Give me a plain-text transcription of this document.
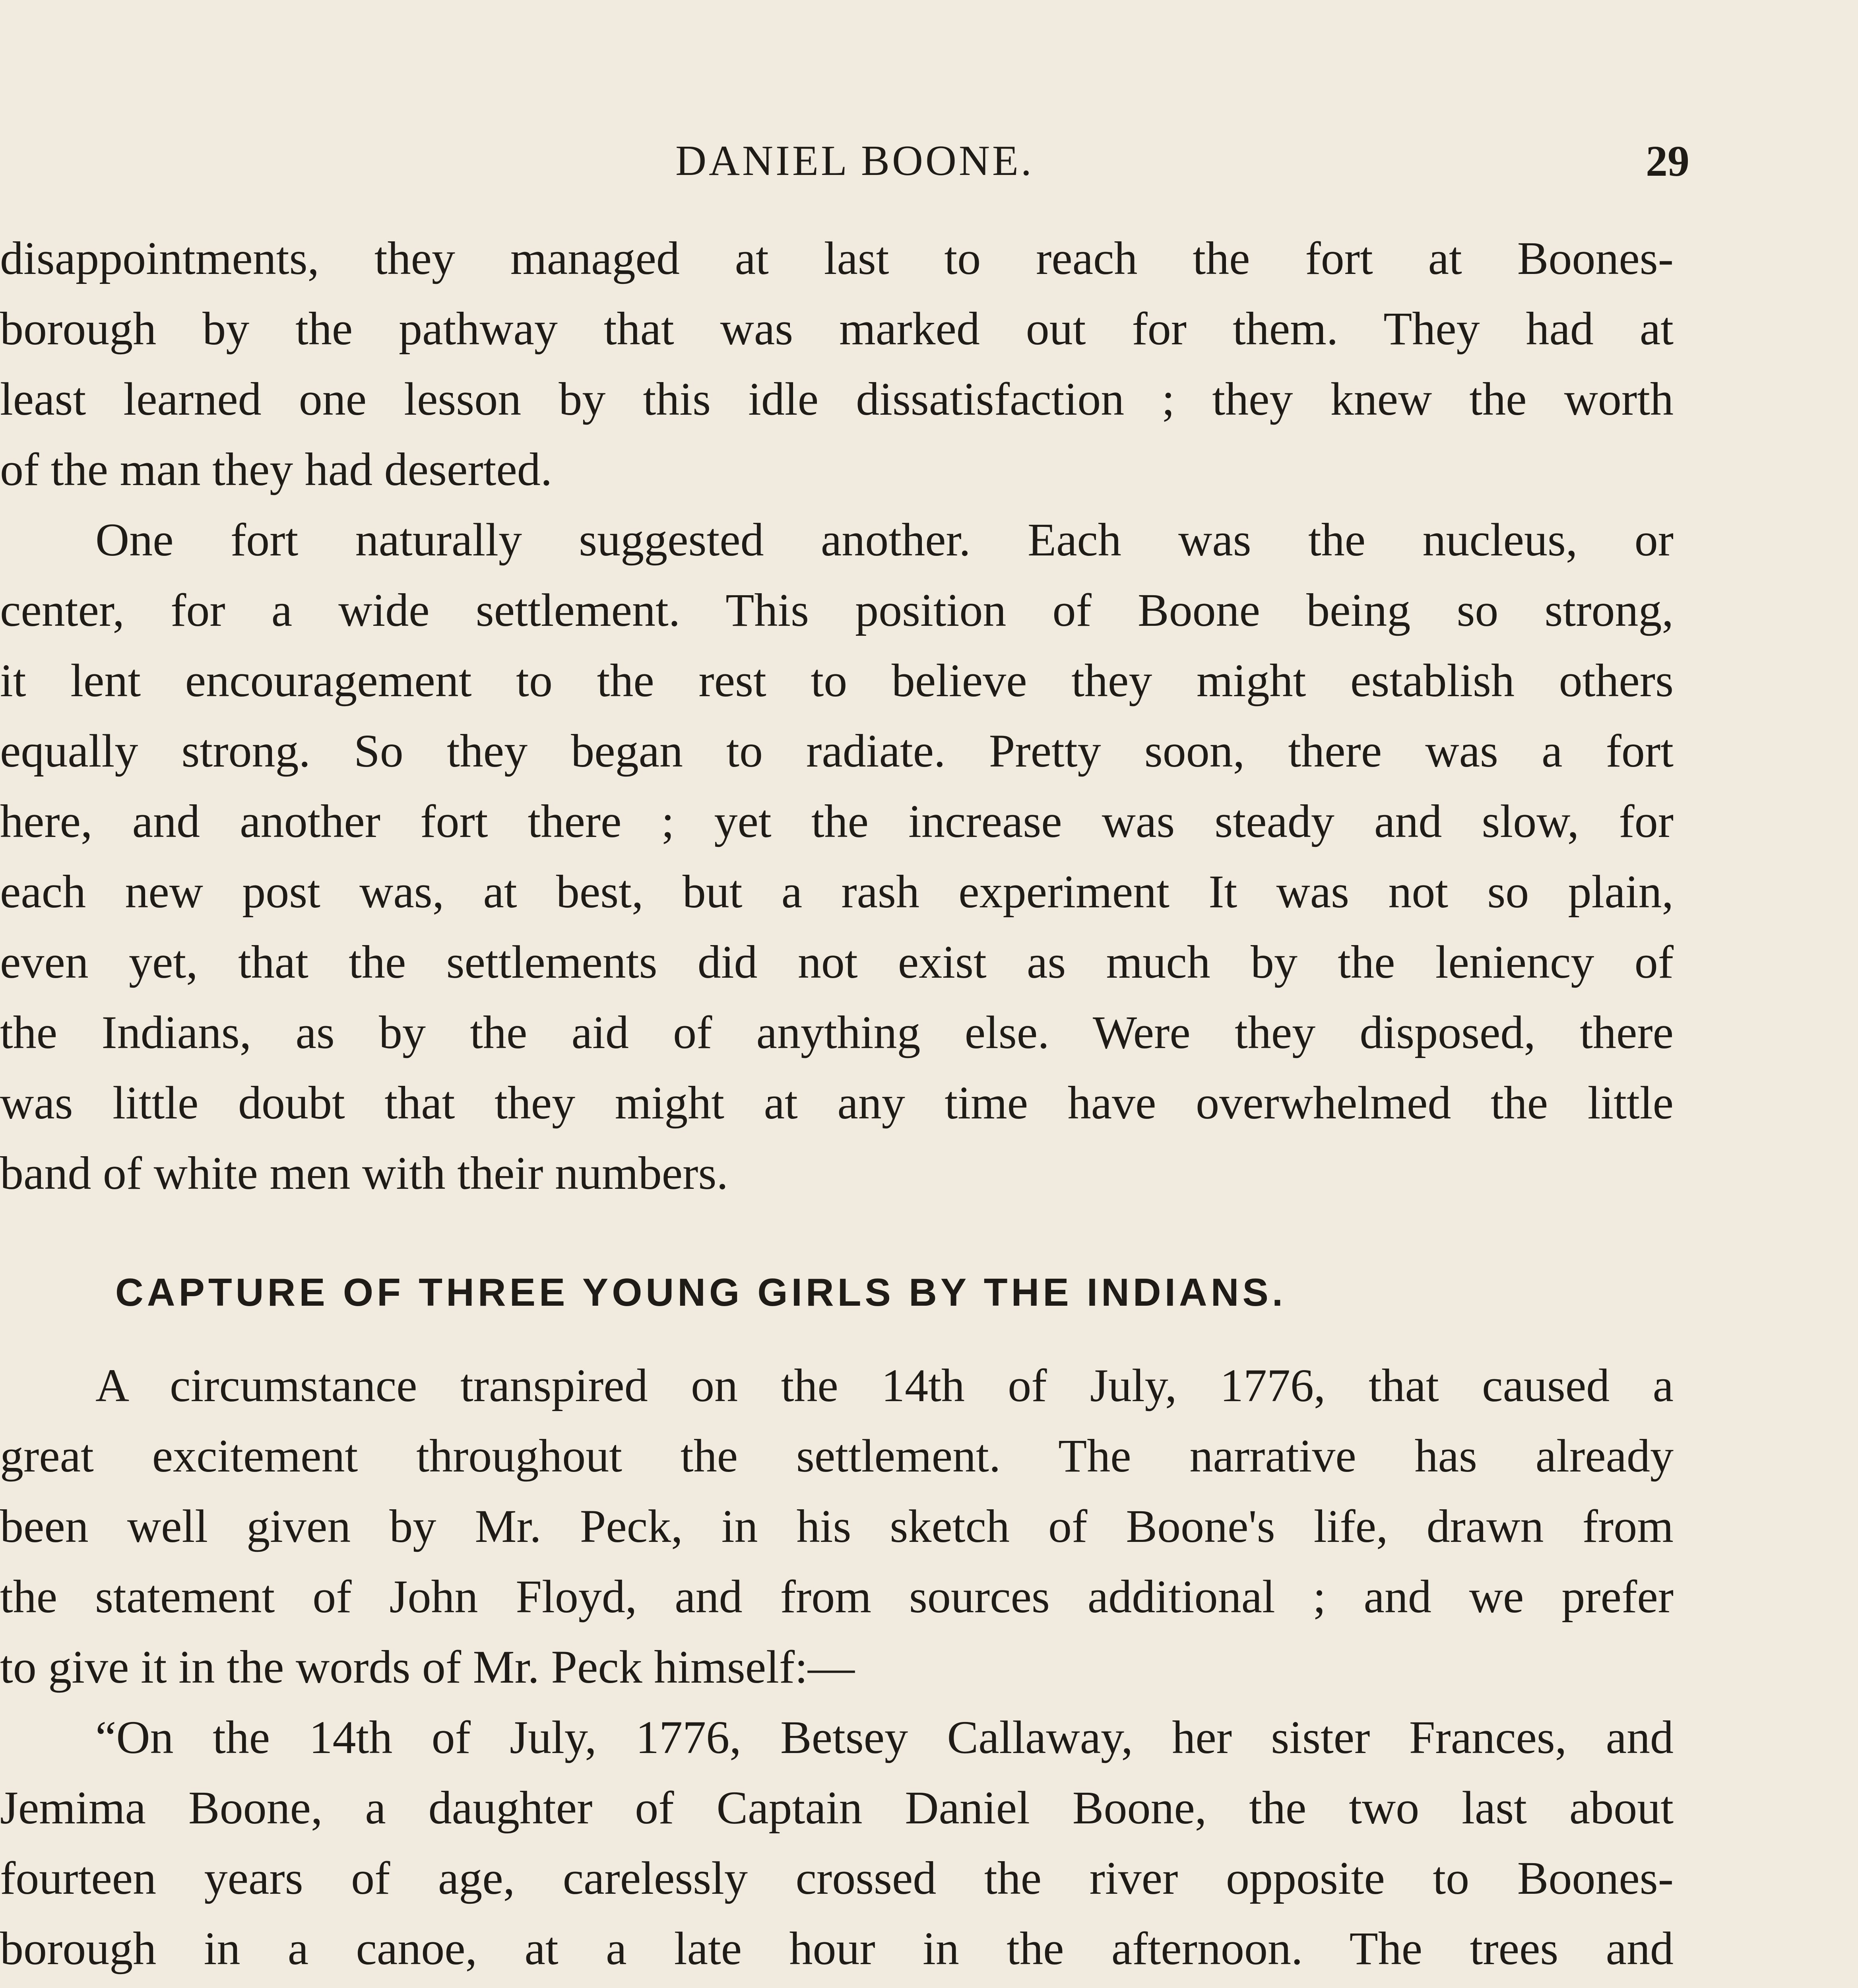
DANIEL BOONE.	29
disappointments, they managed at last to reach the fort at Boones-
borough by the pathway that was marked out for them. They had at
least learned one lesson by this idle dissatisfaction ; they knew the worth
of the man they had deserted.
One fort naturally suggested another. Each was the nucleus, or
center, for a wide settlement. This position of Boone being so strong,
it lent encouragement to the rest to believe they might establish others
equally strong. So they began to radiate. Pretty soon, there was a fort
here, and another fort there ; yet the increase was steady and slow, for
each new post was, at best, but a rash experiment It was not so plain,
even yet, that the settlements did not exist as much by the leniency of
the Indians, as by the aid of anything else. Were they disposed, there
was little doubt that they might at any time have overwhelmed the little
band of white men with their numbers.
CAPTURE OF THREE YOUNG GIRLS BY THE INDIANS.
A circumstance transpired on the 14th of July, 1776, that caused a
great excitement throughout the settlement. The narrative has already
been well given by Mr. Peck, in his sketch of Boone's life, drawn from
the statement of John Floyd, and from sources additional ; and we prefer
to give it in the words of Mr. Peck himself:—
“On the 14th of July, 1776, Betsey Callaway, her sister Frances, and
Jemima Boone, a daughter of Captain Daniel Boone, the two last about
fourteen years of age, carelessly crossed the river opposite to Boones-
borough in a canoe, at a late hour in the afternoon. The trees and
